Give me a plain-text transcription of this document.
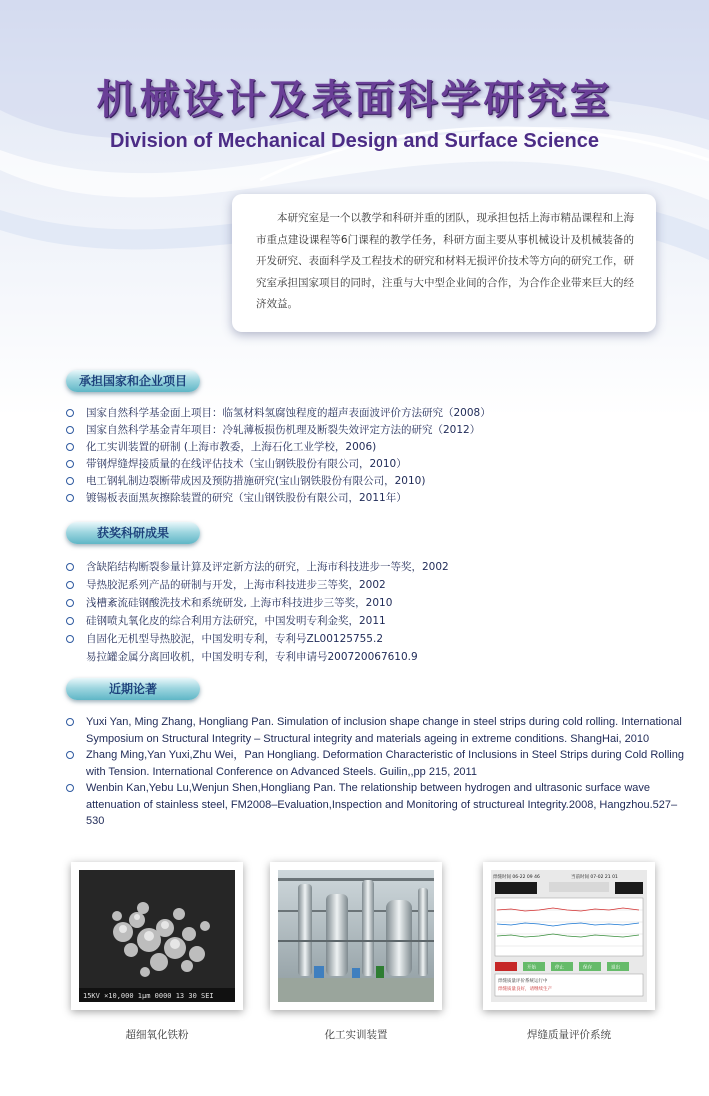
机械设计及表面科学研究室
Division of Mechanical Design and Surface Science

本研究室是一个以教学和科研并重的团队，现承担包括上海市精品课程和上海市重点建设课程等6门课程的教学任务，科研方面主要从事机械设计及机械装备的开发研究、表面科学及工程技术的研究和材料无损评价技术等方向的研究工作，研究室承担国家项目的同时，注重与大中型企业间的合作，为合作企业带来巨大的经济效益。

承担国家和企业项目
国家自然科学基金面上项目：临氢材料氢腐蚀程度的超声表面波评价方法研究（2008）
国家自然科学基金青年项目：冷轧薄板损伤机理及断裂失效评定方法的研究（2012）
化工实训装置的研制 (上海市教委，上海石化工业学校，2006)
带钢焊缝焊接质量的在线评估技术（宝山钢铁股份有限公司，2010）
电工钢轧制边裂断带成因及预防措施研究(宝山钢铁股份有限公司，2010)
镀锡板表面黑灰擦除装置的研究（宝山钢铁股份有限公司，2011年）
获奖科研成果
含缺陷结构断裂参量计算及评定新方法的研究，上海市科技进步一等奖，2002
导热胶泥系列产品的研制与开发，上海市科技进步三等奖，2002
浅槽紊流硅钢酸洗技术和系统研发, 上海市科技进步三等奖，2010
硅钢喷丸氧化皮的综合利用方法研究，中国发明专利金奖，2011
自固化无机型导热胶泥，中国发明专利，专利号ZL00125755.2
易拉罐金属分离回收机，中国发明专利，专利申请号200720067610.9
近期论著
Yuxi Yan, Ming Zhang, Hongliang Pan. Simulation of inclusion shape change in steel strips during cold rolling. International Symposium on Structural Integrity – Structural integrity and materials ageing in extreme conditions. ShangHai, 2010
Zhang Ming,Yan Yuxi,Zhu Wei，Pan Hongliang. Deformation Characteristic of Inclusions in Steel Strips during Cold Rolling with Tension. International Conference on Advanced Steels. Guilin,,pp 215, 2011
Wenbin Kan,Yebu Lu,Wenjun Shen,Hongliang Pan. The relationship between hydrogen and ultrasonic surface wave attenuation of stainless steel, FM2008–Evaluation,Inspection and Monitoring of structureal Integrity.2008, Hangzhou.527–530
15KV ×10,000 1μm 0000 13 30 SEI
超细氧化铁粉	化工实训装置
焊缝时间 06-22 09 46	当前时间 07-02 21 01
开始	停止	保存	退出
焊缝质量评价系统运行中
焊缝质量良好，请继续生产
焊缝质量评价系统
